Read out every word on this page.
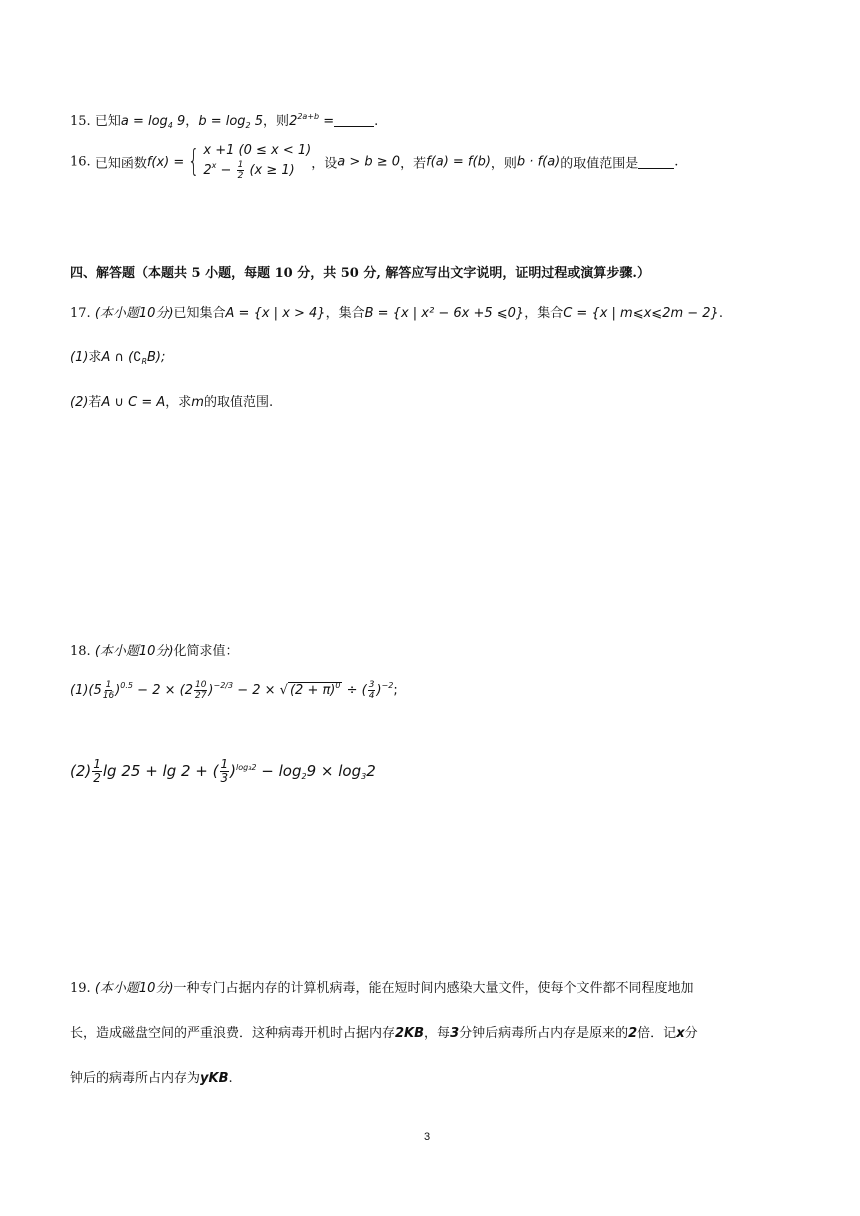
15. 已知$a = \log_4 9$，$b = \log_2 5$，则$2^{2a+b}$ =	.
16. 已知函数f(x) = { x +1 (0 ≤ x < 1)
$2^x - \frac{1}{2} (x \ge 1)$	，设a > b ≥ 0，若f(a) = f(b)，则b · f(a)的取值范围是	.
四、解答题（本题共 5 小题，每题 10 分，共 50 分, 解答应写出文字说明，证明过程或演算步骤.）
17. (本小题10分)已知集合A = {x | x > 4}，集合B = {x | x² − 6x +5 ⩽0}，集合C = {x | m⩽x⩽2m − 2}.
(1)求A ∩ $(∁_RB)$;
(2)若A ∪ C = A，求m的取值范围.
18. (本小题10分)化简求值：
$(1)(5 \frac{1}{16} )^{0.5} - 2 \times (2 \frac{10}{27} )^{-2/3} - 2$ × √ $(2 + \pi)^0$ ÷ ( $\frac{3}{4} )^{-2}$;
$(2) \frac{1}{2}$ lg 25 + lg 2 + ( $\frac{1}{3} )^{log_32} - \log_29 \times \log_32$
19. (本小题10分)一种专门占据内存的计算机病毒，能在短时间内感染大量文件，使每个文件都不同程度地加
长，造成磁盘空间的严重浪费．这种病毒开机时占据内存2KB，每3分钟后病毒所占内存是原来的2倍．记x分
钟后的病毒所占内存为yKB.
3
